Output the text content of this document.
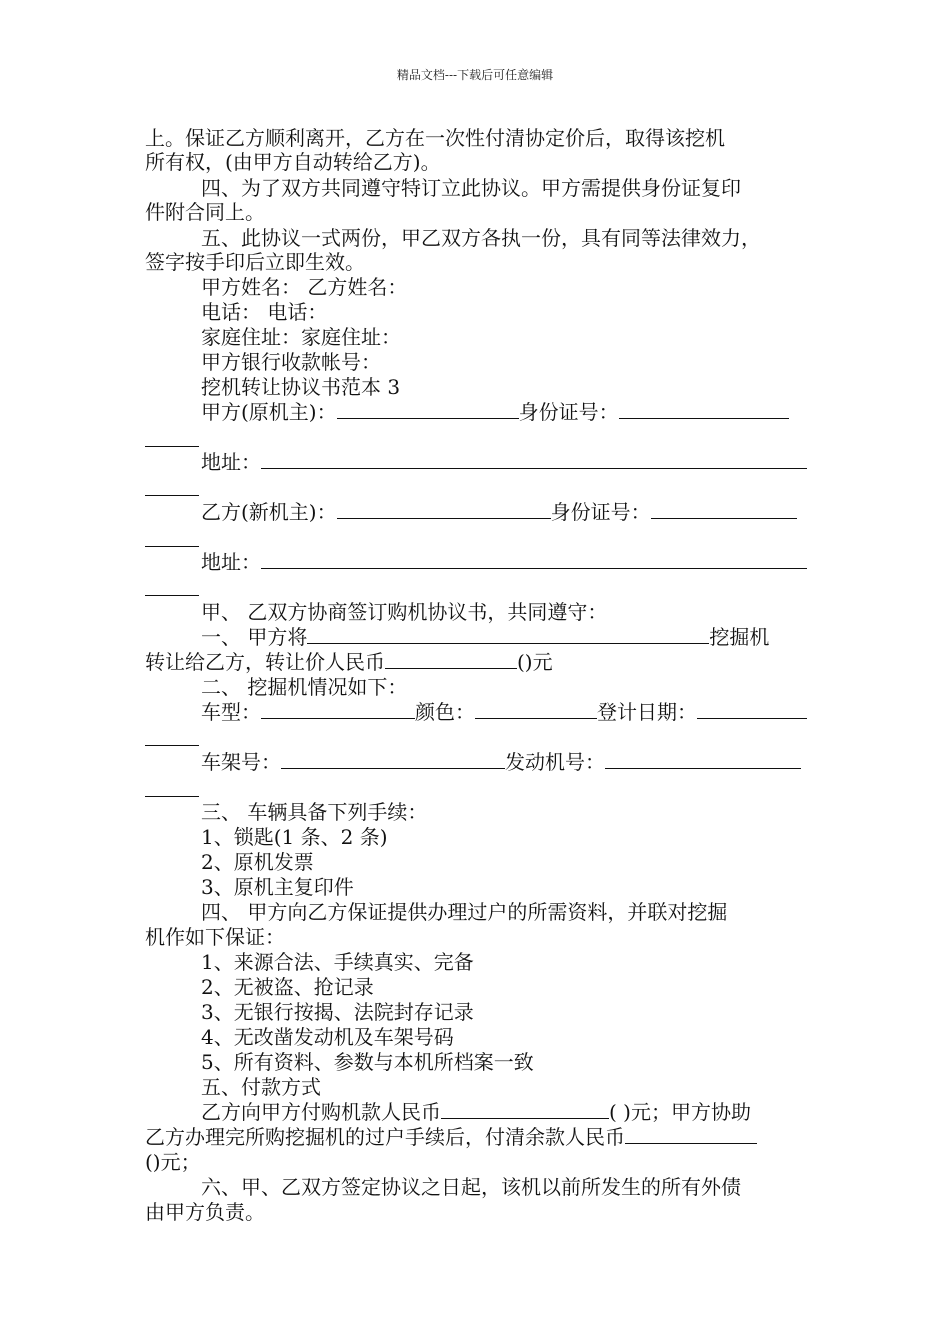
精品文档---下载后可任意编辑
上。保证乙方顺利离开，乙方在一次性付清协定价后，取得该挖机
所有权，(由甲方自动转给乙方)。
四、为了双方共同遵守特订立此协议。甲方需提供身份证复印
件附合同上。
五、此协议一式两份，甲乙双方各执一份，具有同等法律效力，
签字按手印后立即生效。
甲方姓名： 乙方姓名：
电话： 电话：
家庭住址：家庭住址：
甲方银行收款帐号：
挖机转让协议书范本 3
甲方(原机主)：	身份证号：
地址：
乙方(新机主)：	身份证号：
地址：
甲、 乙双方协商签订购机协议书，共同遵守：
一、 甲方将	挖掘机
转让给乙方，转让价人民币	()元
二、 挖掘机情况如下：
车型：	颜色：	登计日期：
车架号：	发动机号：
三、 车辆具备下列手续：
1、锁匙(1 条、2 条)
2、原机发票
3、原机主复印件
四、 甲方向乙方保证提供办理过户的所需资料，并联对挖掘
机作如下保证：
1、来源合法、手续真实、完备
2、无被盗、抢记录
3、无银行按揭、法院封存记录
4、无改凿发动机及车架号码
5、所有资料、参数与本机所档案一致
五、付款方式
乙方向甲方付购机款人民币	( )元；甲方协助
乙方办理完所购挖掘机的过户手续后，付清余款人民币
()元；
六、甲、乙双方签定协议之日起，该机以前所发生的所有外债
由甲方负责。
